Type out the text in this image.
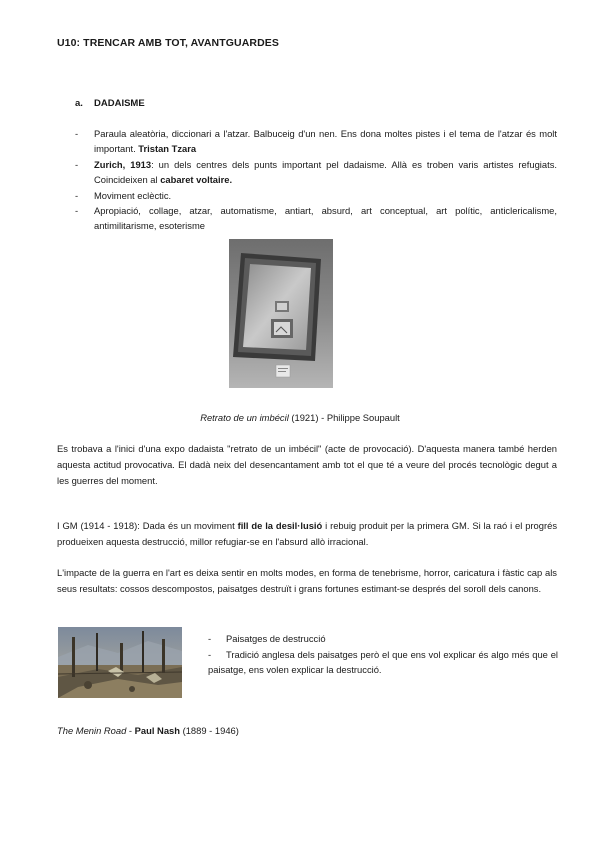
U10: TRENCAR AMB TOT, AVANTGUARDES
a. DADAISME
- Paraula aleatòria, diccionari a l'atzar. Balbuceig d'un nen. Ens dona moltes pistes i el tema de l'atzar és molt important. Tristan Tzara
- Zurich, 1913: un dels centres dels punts important pel dadaisme. Allà es troben varis artistes refugiats. Coincideixen al cabaret voltaire.
- Moviment eclèctic.
- Apropiació, collage, atzar, automatisme, antiart, absurd, art conceptual, art polític, anticlericalisme, antimilitarisme, esoterisme
Retrato de un imbécil (1921) - Philippe Soupault

Es trobava a l'inici d'una expo dadaista "retrato de un imbécil" (acte de provocació). D'aquesta manera també herden aquesta actitud provocativa. El dadà neix del desencantament amb tot el que té a veure del procés tecnològic degut a les guerres del moment.

I GM (1914 - 1918): Dada és un moviment fill de la desil·lusió i rebuig produit per la primera GM. Si la raó i el progrés produeixen aquesta destrucció, millor refugiar-se en l'absurd allò irracional.

L'impacte de la guerra en l'art es deixa sentir en molts modes, en forma de tenebrisme, horror, caricatura i fàstic cap als seus resultats: cossos descompostos, paisatges destruït i grans fortunes estimant-se després del soroll dels canons.

- Paisatges de destrucció
- Tradició anglesa dels paisatges però el que ens vol explicar és algo més que el paisatge, ens volen explicar la destrucció.
The Menin Road - Paul Nash (1889 - 1946)
